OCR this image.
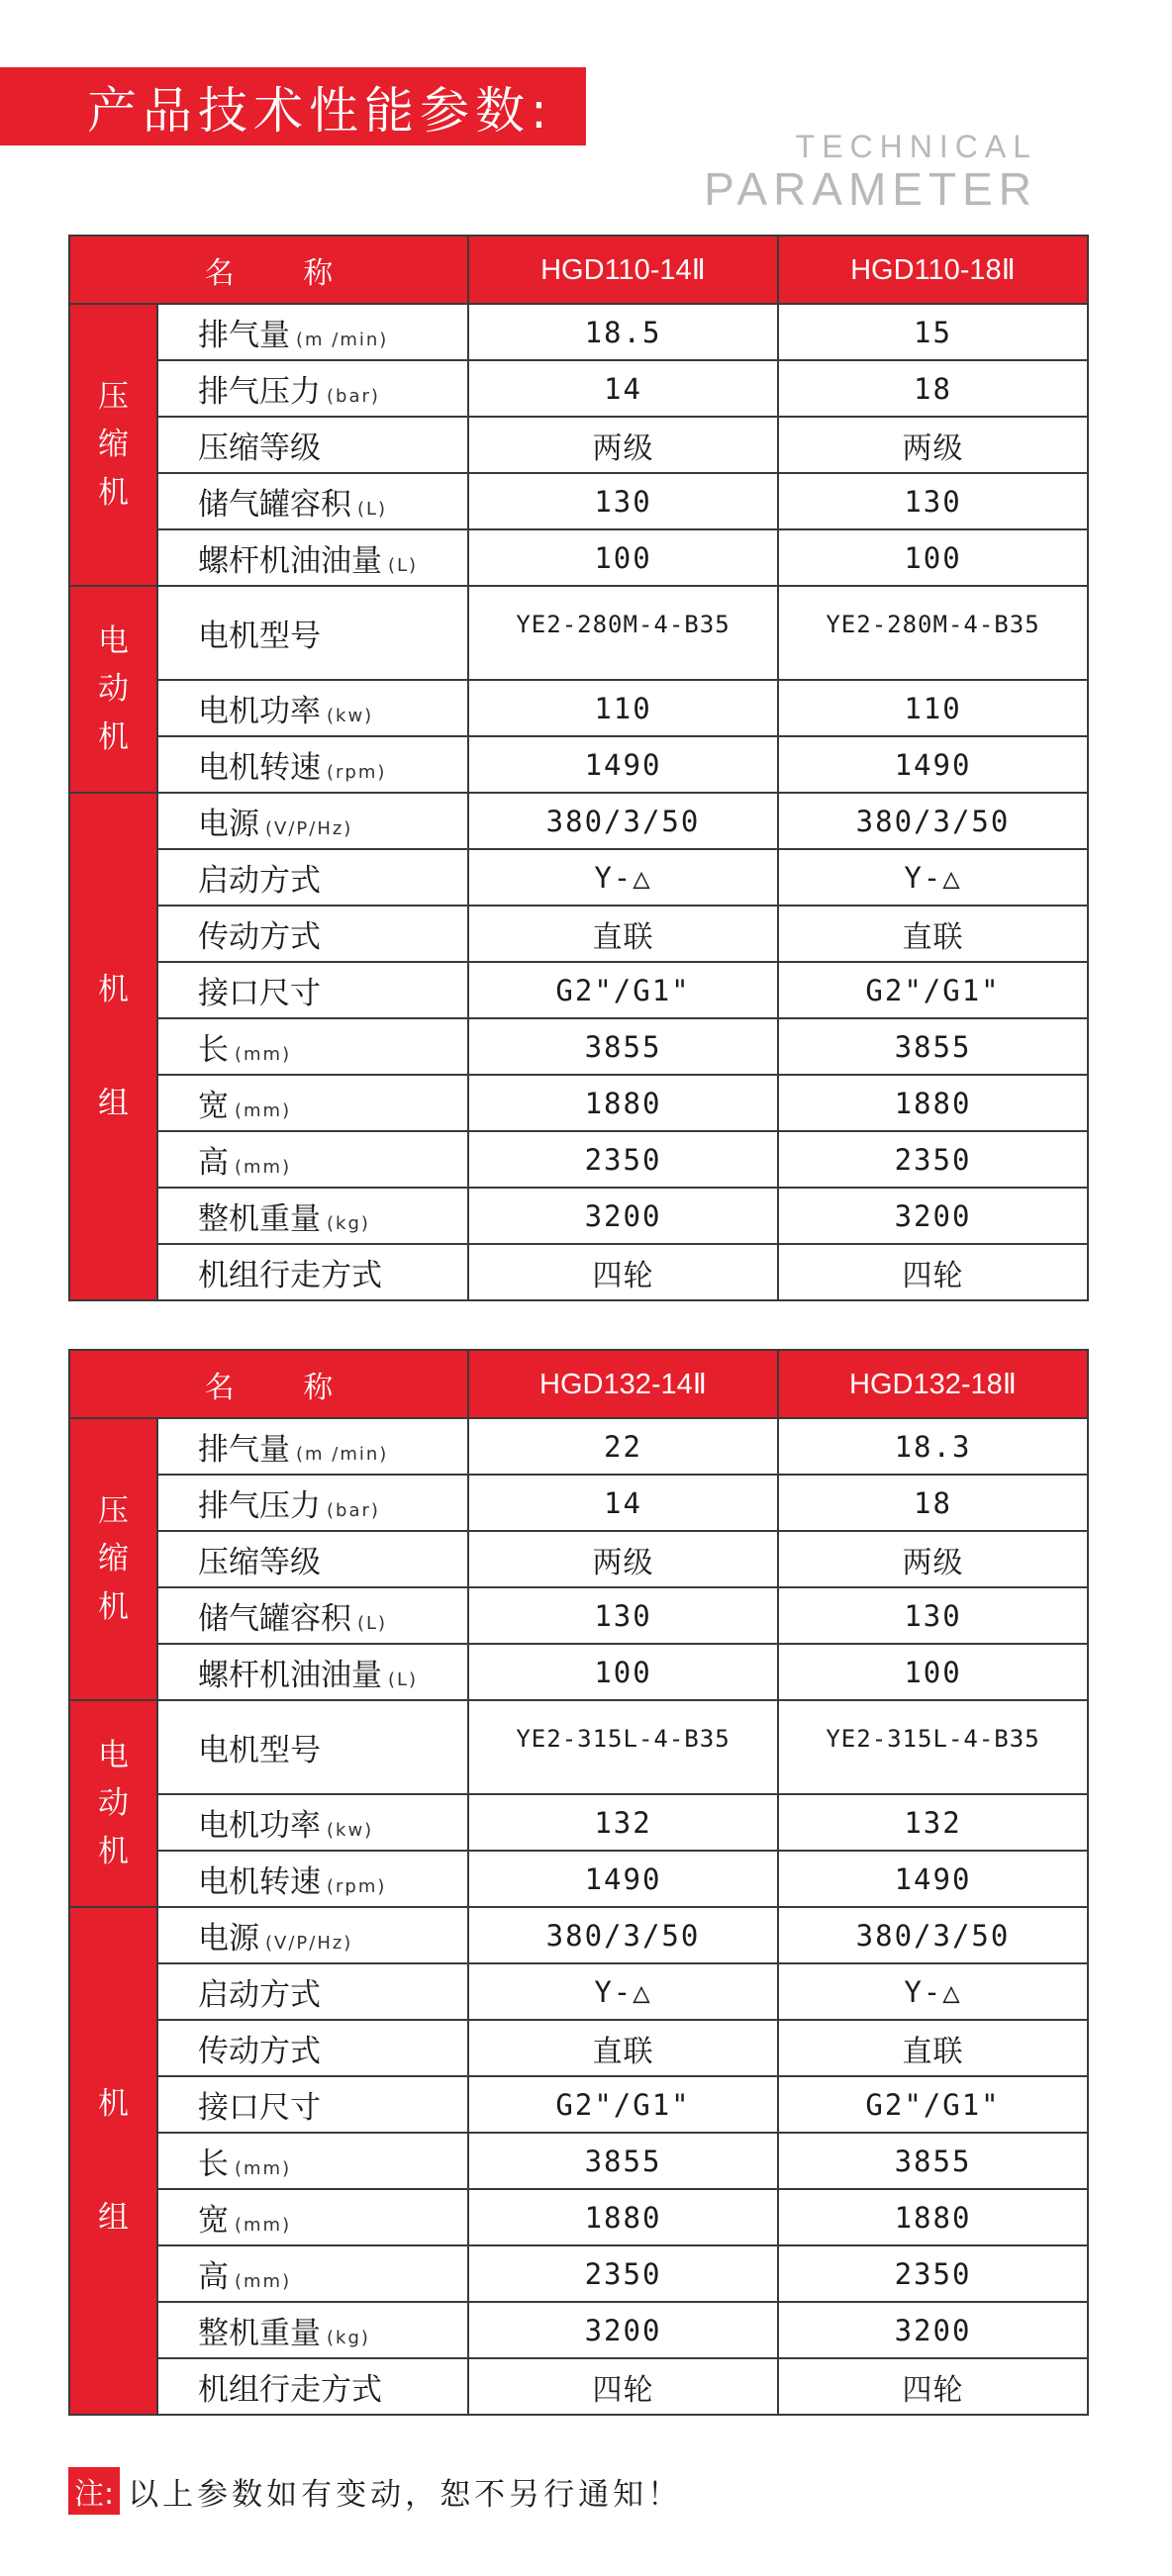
产品技术性能参数:
TECHNICAL
PARAMETER
名 称		HGD110-14Ⅱ	HGD110-18Ⅱ

压
缩
机	排气量 (m /min)	18.5	15
	排气压力 (bar)	14	18
	压缩等级	两级	两级
	储气罐容积 (L)	130	130
	螺杆机油油量 (L)	100	100

电
动
机	电机型号	YE2-280M-4-B35	YE2-280M-4-B35
	电机功率 (kw)	110	110
	电机转速 (rpm)	1490	1490

机
组	电源 (V/P/Hz)	380/3/50	380/3/50
	启动方式	Y-△	Y-△
	传动方式	直联	直联
	接口尺寸	G2"/G1"	G2"/G1"
	长 (mm)	3855	3855
	宽 (mm)	1880	1880
	高 (mm)	2350	2350
	整机重量 (kg)	3200	3200
	机组行走方式	四轮	四轮
名 称		HGD132-14Ⅱ	HGD132-18Ⅱ

压
缩
机	排气量 (m /min)	22	18.3
	排气压力 (bar)	14	18
	压缩等级	两级	两级
	储气罐容积 (L)	130	130
	螺杆机油油量 (L)	100	100

电
动
机	电机型号	YE2-315L-4-B35	YE2-315L-4-B35
	电机功率 (kw)	132	132
	电机转速 (rpm)	1490	1490

机
组	电源 (V/P/Hz)	380/3/50	380/3/50
	启动方式	Y-△	Y-△
	传动方式	直联	直联
	接口尺寸	G2"/G1"	G2"/G1"
	长 (mm)	3855	3855
	宽 (mm)	1880	1880
	高 (mm)	2350	2350
	整机重量 (kg)	3200	3200
	机组行走方式	四轮	四轮
注: 以上参数如有变动，恕不另行通知！
